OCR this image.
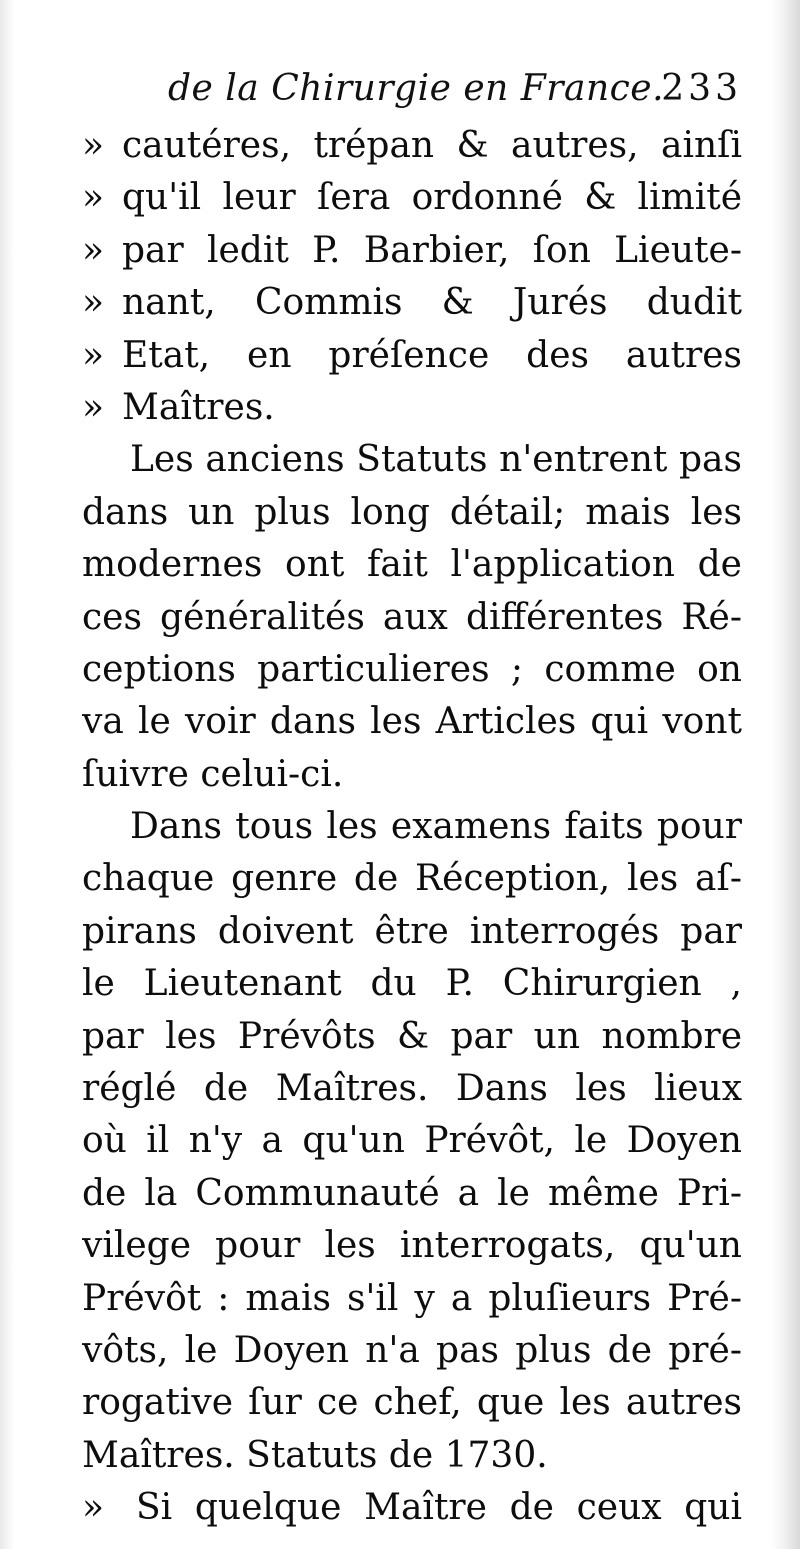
de la Chirurgie en France.
233
» cautéres, trépan & autres, ainſi
» qu'il leur ſera ordonné & limité
» par ledit P. Barbier, ſon Lieute-
» nant, Commis & Jurés dudit
» Etat, en préſence des autres
» Maîtres.
Les anciens Statuts n'entrent pas
dans un plus long détail; mais les
modernes ont fait l'application de
ces généralités aux différentes Ré-
ceptions particulieres ; comme on
va le voir dans les Articles qui vont
ſuivre celui-ci.
Dans tous les examens faits pour
chaque genre de Réception, les aſ-
pirans doivent être interrogés par
le Lieutenant du P. Chirurgien ,
par les Prévôts & par un nombre
réglé de Maîtres. Dans les lieux
où il n'y a qu'un Prévôt, le Doyen
de la Communauté a le même Pri-
vilege pour les interrogats, qu'un
Prévôt : mais s'il y a pluſieurs Pré-
vôts, le Doyen n'a pas plus de pré-
rogative ſur ce chef, que les autres
Maîtres. Statuts de 1730.
» Si quelque Maître de ceux qui
